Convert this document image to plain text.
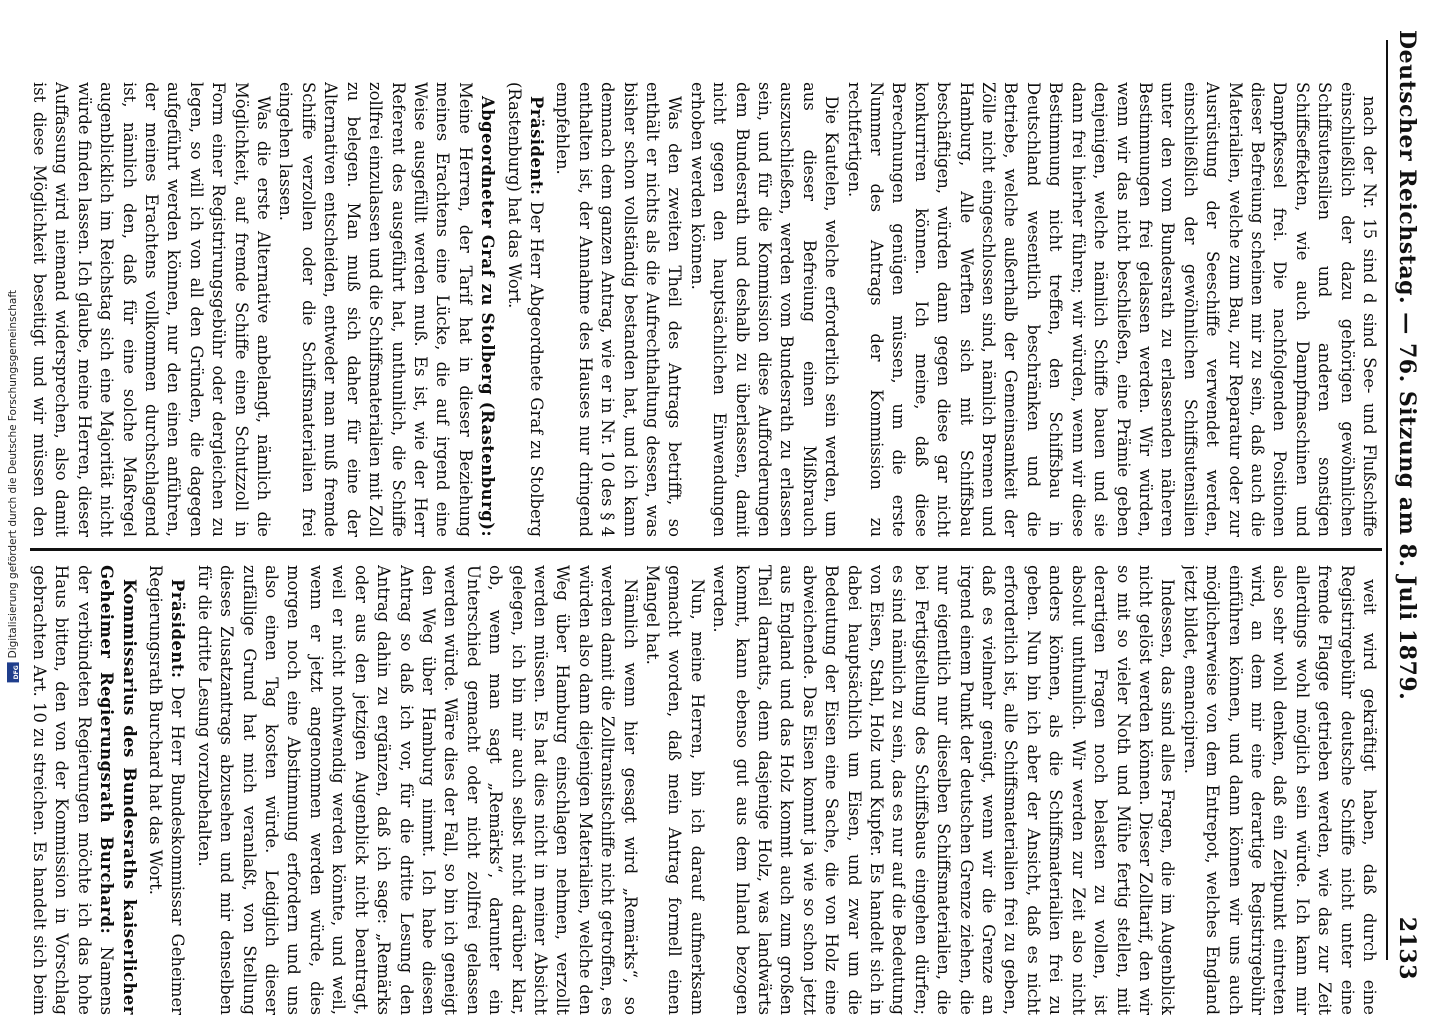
Deutscher Reichstag. — 76. Sitzung am 8. Juli 1879.
2133

nach der Nr. 15 sind d sind See- und Flußschiffe einschließlich der dazu gehörigen gewöhnlichen Schiffsutensilien und anderen sonstigen Schiffseffekten, wie auch Dampfmaschinen und Dampfkessel frei. Die nachfolgenden Positionen dieser Befreiung scheinen mir zu sein, daß auch die Materialien, welche zum Bau, zur Reparatur oder zur Ausrüstung der Seeschiffe verwendet werden, einschließlich der gewöhnlichen Schiffsutensilien unter den vom Bundesrath zu erlassenden näheren Bestimmungen frei gelassen werden. Wir würden, wenn wir das nicht beschließen, eine Prämie geben denjenigen, welche nämlich Schiffe bauen und sie dann frei hierher führen; wir würden, wenn wir diese Bestimmung nicht treffen, den Schiffsbau in Deutschland wesentlich beschränken und die Betriebe, welche außerhalb der Gemeinsamkeit der Zölle nicht eingeschlossen sind, nämlich Bremen und Hamburg, Alle Werften sich mit Schiffsbau beschäftigen, würden dann gegen diese gar nicht konkurriren können. Ich meine, daß diese Berechnungen genügen müssen, um die erste Nummer des Antrags der Kommission zu rechtfertigen.

Die Kautelen, welche erforderlich sein werden, um aus dieser Befreiung einen Mißbrauch auszuschließen, werden vom Bundesrath zu erlassen sein, und für die Kommission diese Aufforderungen dem Bundesrath und deshalb zu überlassen, damit nicht gegen den hauptsächlichen Einwendungen erhoben werden können.

Was den zweiten Theil des Antrags betrifft, so enthält er nichts als die Aufrechthaltung dessen, was bisher schon vollständig bestanden hat, und ich kann demnach dem ganzen Antrag, wie er in Nr. 10 des § 4 enthalten ist, der Annahme des Hauses nur dringend empfehlen.

Präsident: Der Herr Abgeordnete Graf zu Stolberg (Rastenburg) hat das Wort.

Abgeordneter Graf zu Stolberg (Rastenburg): Meine Herren, der Tarif hat in dieser Beziehung meines Erachtens eine Lücke, die auf irgend eine Weise ausgefüllt werden muß. Es ist, wie der Herr Referent des ausgeführt hat, unthunlich, die Schiffe zollfrei einzulassen und die Schiffsmaterialien mit Zoll zu belegen. Man muß sich daher für eine der Alternativen entscheiden, entweder man muß fremde Schiffe verzollen oder die Schiffsmaterialien frei eingehen lassen.

Was die erste Alternative anbelangt, nämlich die Möglichkeit, auf fremde Schiffe einen Schutzzoll in Form einer Registrirungsgebühr oder dergleichen zu legen, so will ich von all den Gründen, die dagegen aufgeführt werden können, nur den einen anführen, der meines Erachtens vollkommen durchschlagend ist, nämlich den, daß für eine solche Maßregel augenblicklich im Reichstag sich eine Majorität nicht würde finden lassen. Ich glaube, meine Herren, dieser Auffassung wird niemand widersprechen, also damit ist diese Möglichkeit beseitigt und wir müssen den

weit wird gekräftigt haben, daß durch eine Registrirgebühr deutsche Schiffe nicht unter eine fremde Flagge getrieben werden, wie das zur Zeit allerdings wohl möglich sein würde. Ich kann mir also sehr wohl denken, daß ein Zeitpunkt eintreten wird, an dem mir eine derartige Registrirgebühr einführen können, und dann können wir uns auch möglicherweise von dem Entrepot, welches England jetzt bildet, emancipiren.

Indessen, das sind alles Fragen, die im Augenblick nicht gelöst werden können. Dieser Zolltarif, den wir so mit so vieler Noth und Mühe fertig stellen, mit derartigen Fragen noch belasten zu wollen, ist absolut unthunlich. Wir werden zur Zeit also nicht anders können, als die Schiffsmaterialien frei zu geben. Nun bin ich aber der Ansicht, daß es nicht erforderlich ist, alle Schiffsmaterialien frei zu geben, daß es vielmehr genügt, wenn wir die Grenze an irgend einem Punkt der deutschen Grenze ziehen, die nur eigentlich nur dieselben Schiffsmaterialien, die bei Fertigstellung des Schiffsbaus eingehen dürfen; es sind nämlich zu sein, das es nur auf die Bedeutung von Eisen, Stahl, Holz und Kupfer. Es handelt sich in dabei hauptsächlich um Eisen, und zwar um die Bedeutung der Eisen eine Sache, die von Holz eine abweichende. Das Eisen kommt ja wie so schon jetzt aus England und das Holz kommt auch zum großen Theil darnatts, denn dasjenige Holz, was landwärts kommt, kann ebenso gut aus dem Inland bezogen werden.

Nun, meine Herren, bin ich darauf aufmerksam gemacht worden, daß mein Antrag formell einen Mangel hat.

Nämlich wenn hier gesagt wird „Remärks“, so werden damit die Zolltransitschiffe nicht getroffen, es würden also dann diejenigen Materialien, welche den Weg über Hamburg einschlagen nehmen, verzollt werden müssen. Es hat dies nicht in meiner Absicht gelegen, ich bin mir auch selbst nicht darüber klar, ob, wenn man sagt „Remärks“, darunter ein Unterschied gemacht oder nicht zollfrei gelassen werden würde. Wäre dies der Fall, so bin ich geneigt den Weg über Hamburg nimmt. Ich habe diesen Antrag so daß ich vor, für die dritte Lesung den Antrag dahin zu ergänzen, daß ich sage: „Remärks oder aus den jetzigen Augenblick nicht beantragt, weil er nicht nothwendig werden könnte, und weil, wenn er jetzt angenommen werden würde, dies morgen noch eine Abstimmung erfordern und uns also einen Tag kosten würde. Lediglich dieser zufällige Grund hat mich veranlaßt, von Stellung dieses Zusatzantrags abzusehen und mir denselben für die dritte Lesung vorzubehalten.

Präsident: Der Herr Bundeskommissar Geheimer Regierungsrath Burchard hat das Wort.

Kommissarius des Bundesraths kaiserlicher Geheimer Regierungsrath Burchard: Namens der verbündeten Regierungen möchte ich das hohe Haus bitten, den von der Kommission in Vorschlag gebrachten Art. 10 zu streichen. Es handelt sich beim

DFG
Digitalisierung gefördert durch die Deutsche Forschungsgemeinschaft
